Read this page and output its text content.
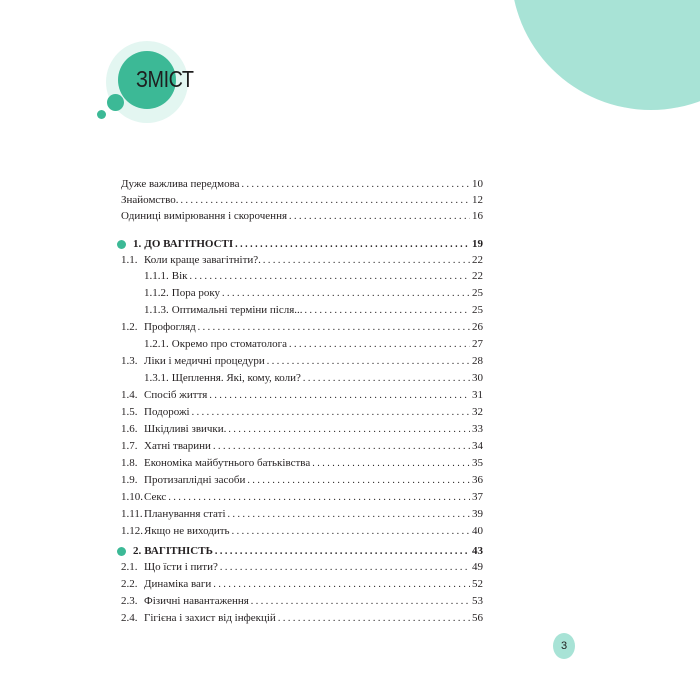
ЗМІСТ
Дуже важлива передмова . . .	10
Знайомство. . . .	12
Одиниці вимірювання і скорочення . . .	16
1. ДО ВАГІТНОСТІ . . .	19
1.1. Коли краще завагітніти?. . . .	22
1.1.1. Вік . . .	22
1.1.2. Пора року . . .	25
1.1.3. Оптимальні терміни після... . . .	25
1.2. Профогляд . . .	26
1.2.1. Окремо про стоматолога . . .	27
1.3. Ліки і медичні процедури . . .	28
1.3.1. Щеплення. Які, кому, коли? . . .	30
1.4. Спосіб життя . . .	31
1.5. Подорожі . . .	32
1.6. Шкідливі звички. . . .	33
1.7. Хатні тварини . . .	34
1.8. Економіка майбутнього батьківства . . .	35
1.9. Протизаплідні засоби . . .	36
1.10. Секс . . .	37
1.11. Планування статі . . .	39
1.12. Якщо не виходить . . .	40
2. ВАГІТНІСТЬ . . .	43
2.1. Що їсти і пити? . . .	49
2.2. Динаміка ваги . . .	52
2.3. Фізичні навантаження . . .	53
2.4. Гігієна і захист від інфекцій . . .	56
3
